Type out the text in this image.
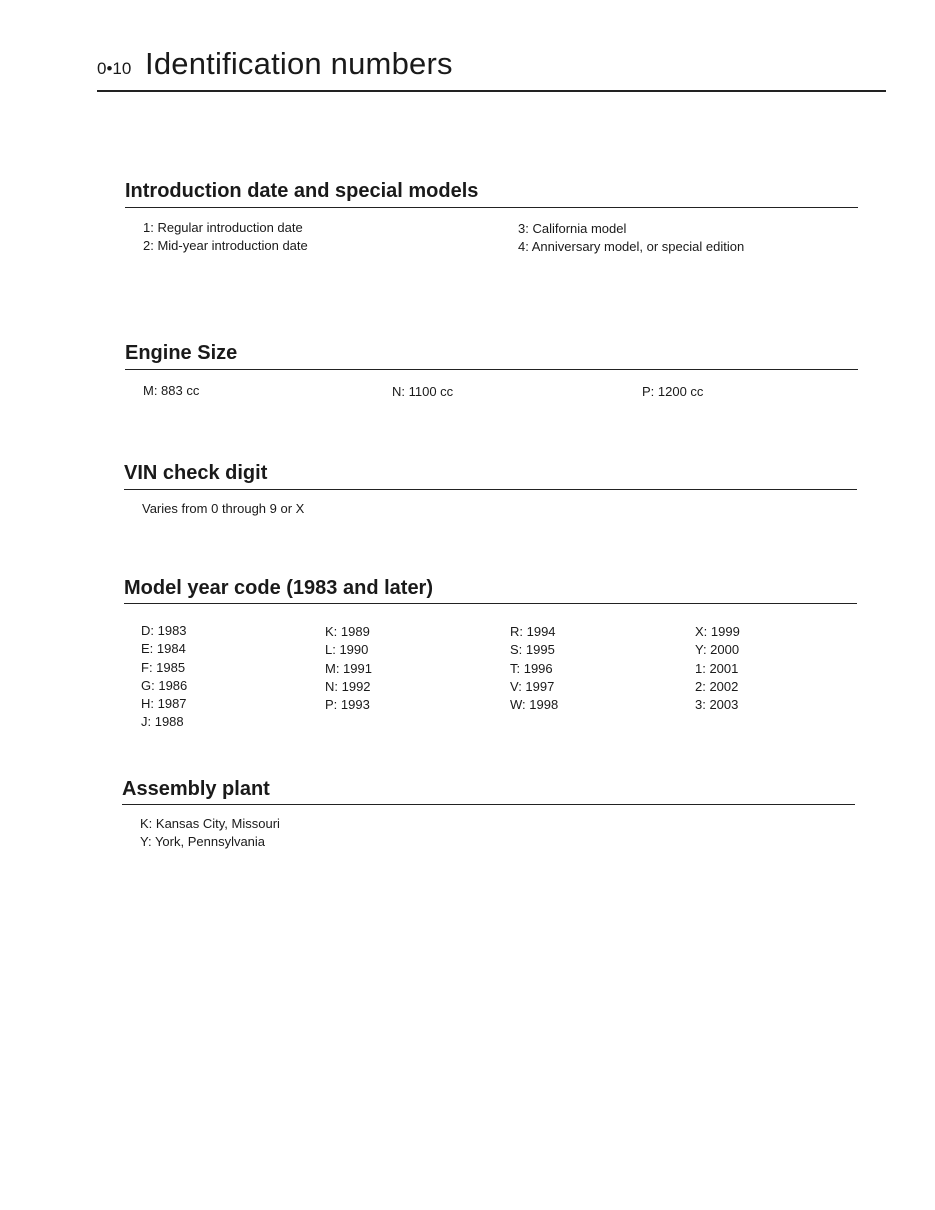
0•10 Identification numbers
Introduction date and special models
1: Regular introduction date
2: Mid-year introduction date
3: California model
4: Anniversary model, or special edition
Engine Size
M: 883 cc	N: 1100 cc	P: 1200 cc
VIN check digit
Varies from 0 through 9 or X
Model year code (1983 and later)
D: 1983
E: 1984
F: 1985
G: 1986
H: 1987
J: 1988
K: 1989
L: 1990
M: 1991
N: 1992
P: 1993
R: 1994
S: 1995
T: 1996
V: 1997
W: 1998
X: 1999
Y: 2000
1: 2001
2: 2002
3: 2003
Assembly plant
K: Kansas City, Missouri
Y: York, Pennsylvania
